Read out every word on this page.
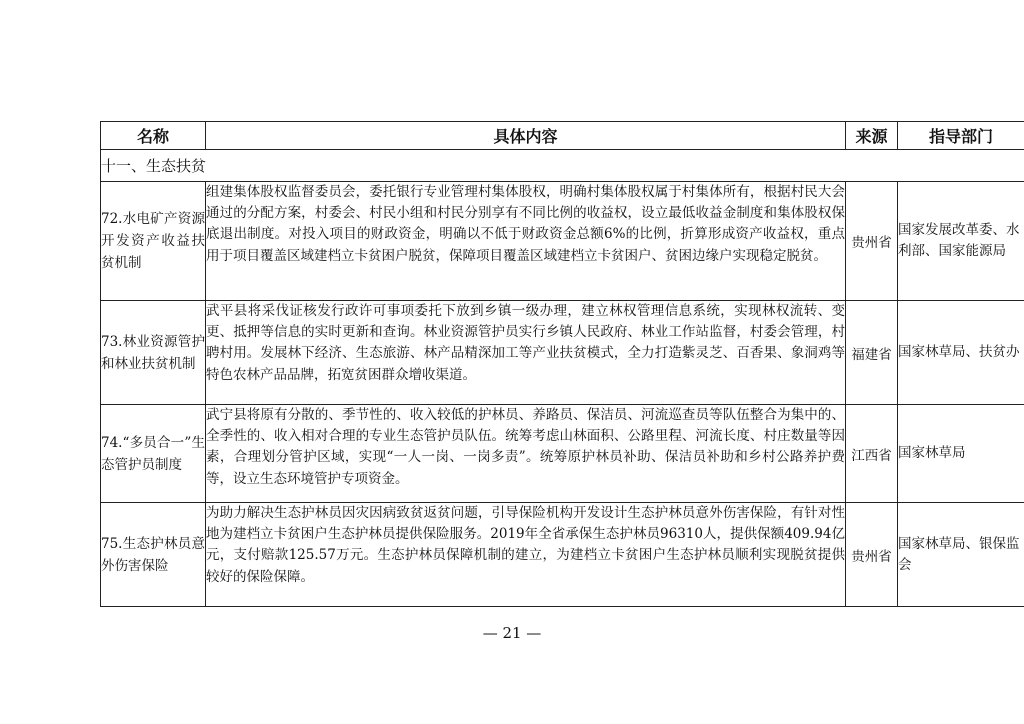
名称	具体内容	来源	指导部门
十一、生态扶贫			
72.水电矿产资源开发资产收益扶贫机制	组建集体股权监督委员会，委托银行专业管理村集体股权，明确村集体股权属于村集体所有，根据村民大会通过的分配方案，村委会、村民小组和村民分别享有不同比例的收益权，设立最低收益金制度和集体股权保底退出制度。对投入项目的财政资金，明确以不低于财政资金总额6%的比例，折算形成资产收益权，重点用于项目覆盖区域建档立卡贫困户脱贫，保障项目覆盖区域建档立卡贫困户、贫困边缘户实现稳定脱贫。	贵州省	国家发展改革委、水利部、国家能源局
73.林业资源管护和林业扶贫机制	武平县将采伐证核发行政许可事项委托下放到乡镇一级办理，建立林权管理信息系统，实现林权流转、变更、抵押等信息的实时更新和查询。林业资源管护员实行乡镇人民政府、林业工作站监督，村委会管理，村聘村用。发展林下经济、生态旅游、林产品精深加工等产业扶贫模式，全力打造紫灵芝、百香果、象洞鸡等特色农林产品品牌，拓宽贫困群众增收渠道。	福建省	国家林草局、扶贫办
74.“多员合一”生态管护员制度	武宁县将原有分散的、季节性的、收入较低的护林员、养路员、保洁员、河流巡查员等队伍整合为集中的、全季性的、收入相对合理的专业生态管护员队伍。统筹考虑山林面积、公路里程、河流长度、村庄数量等因素，合理划分管护区域，实现“一人一岗、一岗多责”。统筹原护林员补助、保洁员补助和乡村公路养护费等，设立生态环境管护专项资金。	江西省	国家林草局
75.生态护林员意外伤害保险	为助力解决生态护林员因灾因病致贫返贫问题，引导保险机构开发设计生态护林员意外伤害保险，有针对性地为建档立卡贫困户生态护林员提供保险服务。2019年全省承保生态护林员96310人，提供保额409.94亿元，支付赔款125.57万元。生态护林员保障机制的建立，为建档立卡贫困户生态护林员顺利实现脱贫提供较好的保险保障。	贵州省	国家林草局、银保监会
— 21 —
